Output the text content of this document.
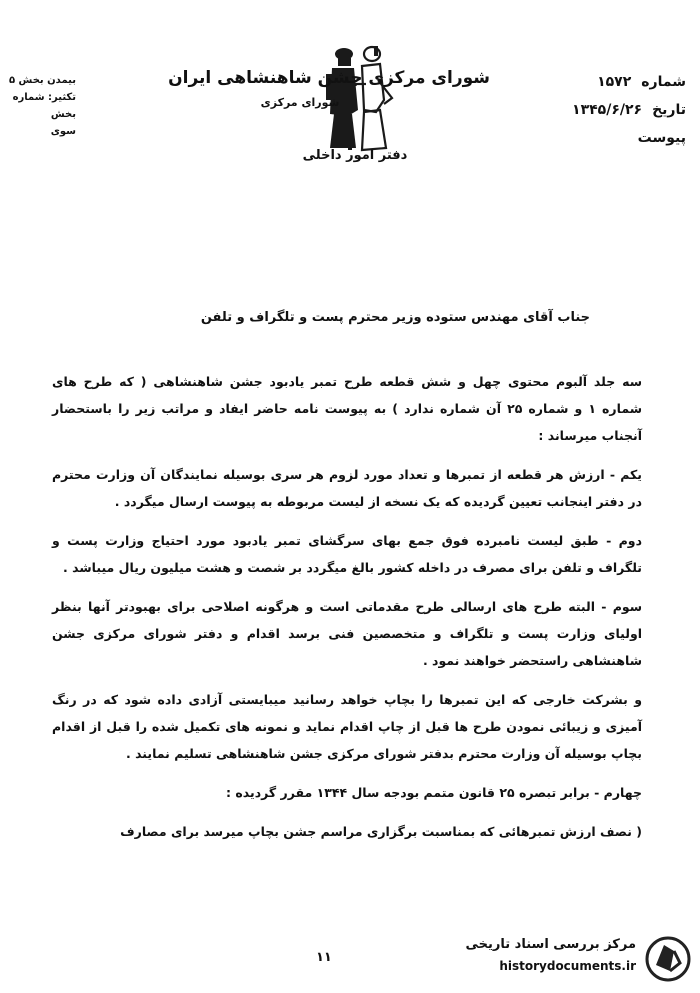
بیمدن بخش ۵
تکثیر: شماره بخش
سوی
شورای مرکزی جشن شاهنشاهی ایران
شورای مرکزی
شماره
۱۵۷۲
تاریخ
۱۳۴۵/۶/۲۶
پیوست
دفتر امور داخلی
جناب آقای مهندس ستوده وزیر محترم پست و تلگراف و تلفن

سه جلد آلبوم محتوی چهل و شش قطعه طرح تمبر یادبود جشن شاهنشاهی ( که طرح های شماره ۱ و شماره ۲۵ آن شماره ندارد ) به پیوست نامه حاضر ایفاد و مراتب زیر را باستحضار آنجناب میرساند :

یکم - ارزش هر قطعه از تمبرها و تعداد مورد لزوم هر سری بوسیله نمایندگان آن وزارت محترم در دفتر اینجانب تعیین گردیده که یک نسخه از لیست مربوطه به پیوست ارسال میگردد .

دوم - طبق لیست نامبرده فوق جمع بهای سرگشای تمبر یادبود مورد احتیاج وزارت پست و تلگراف و تلفن برای مصرف در داخله کشور بالغ میگردد بر شصت و هشت میلیون ریال میباشد .

سوم - البته طرح های ارسالی طرح مقدماتی است و هرگونه اصلاحی برای بهبودتر آنها بنظر اولیای وزارت پست و تلگراف و متخصصین فنی برسد اقدام و دفتر شورای مرکزی جشن شاهنشاهی راستحضر خواهند نمود .

و بشرکت خارجی که این تمبرها را بچاپ خواهد رسانید میبایستی آزادی داده شود که در رنگ آمیزی و زیبائی نمودن طرح ها قبل از چاپ اقدام نماید و نمونه های تکمیل شده را قبل از اقدام بچاپ بوسیله آن وزارت محترم بدفتر شورای مرکزی جشن شاهنشاهی تسلیم نمایند .

چهارم - برابر تبصره ۲۵ قانون متمم بودجه سال ۱۳۴۴ مقرر گردیده :

( نصف ارزش تمبرهائی که بمناسبت برگزاری مراسم جشن بچاپ میرسد برای مصارف

۱۱
مرکز بررسی اسناد تاریخی
historydocuments.ir
